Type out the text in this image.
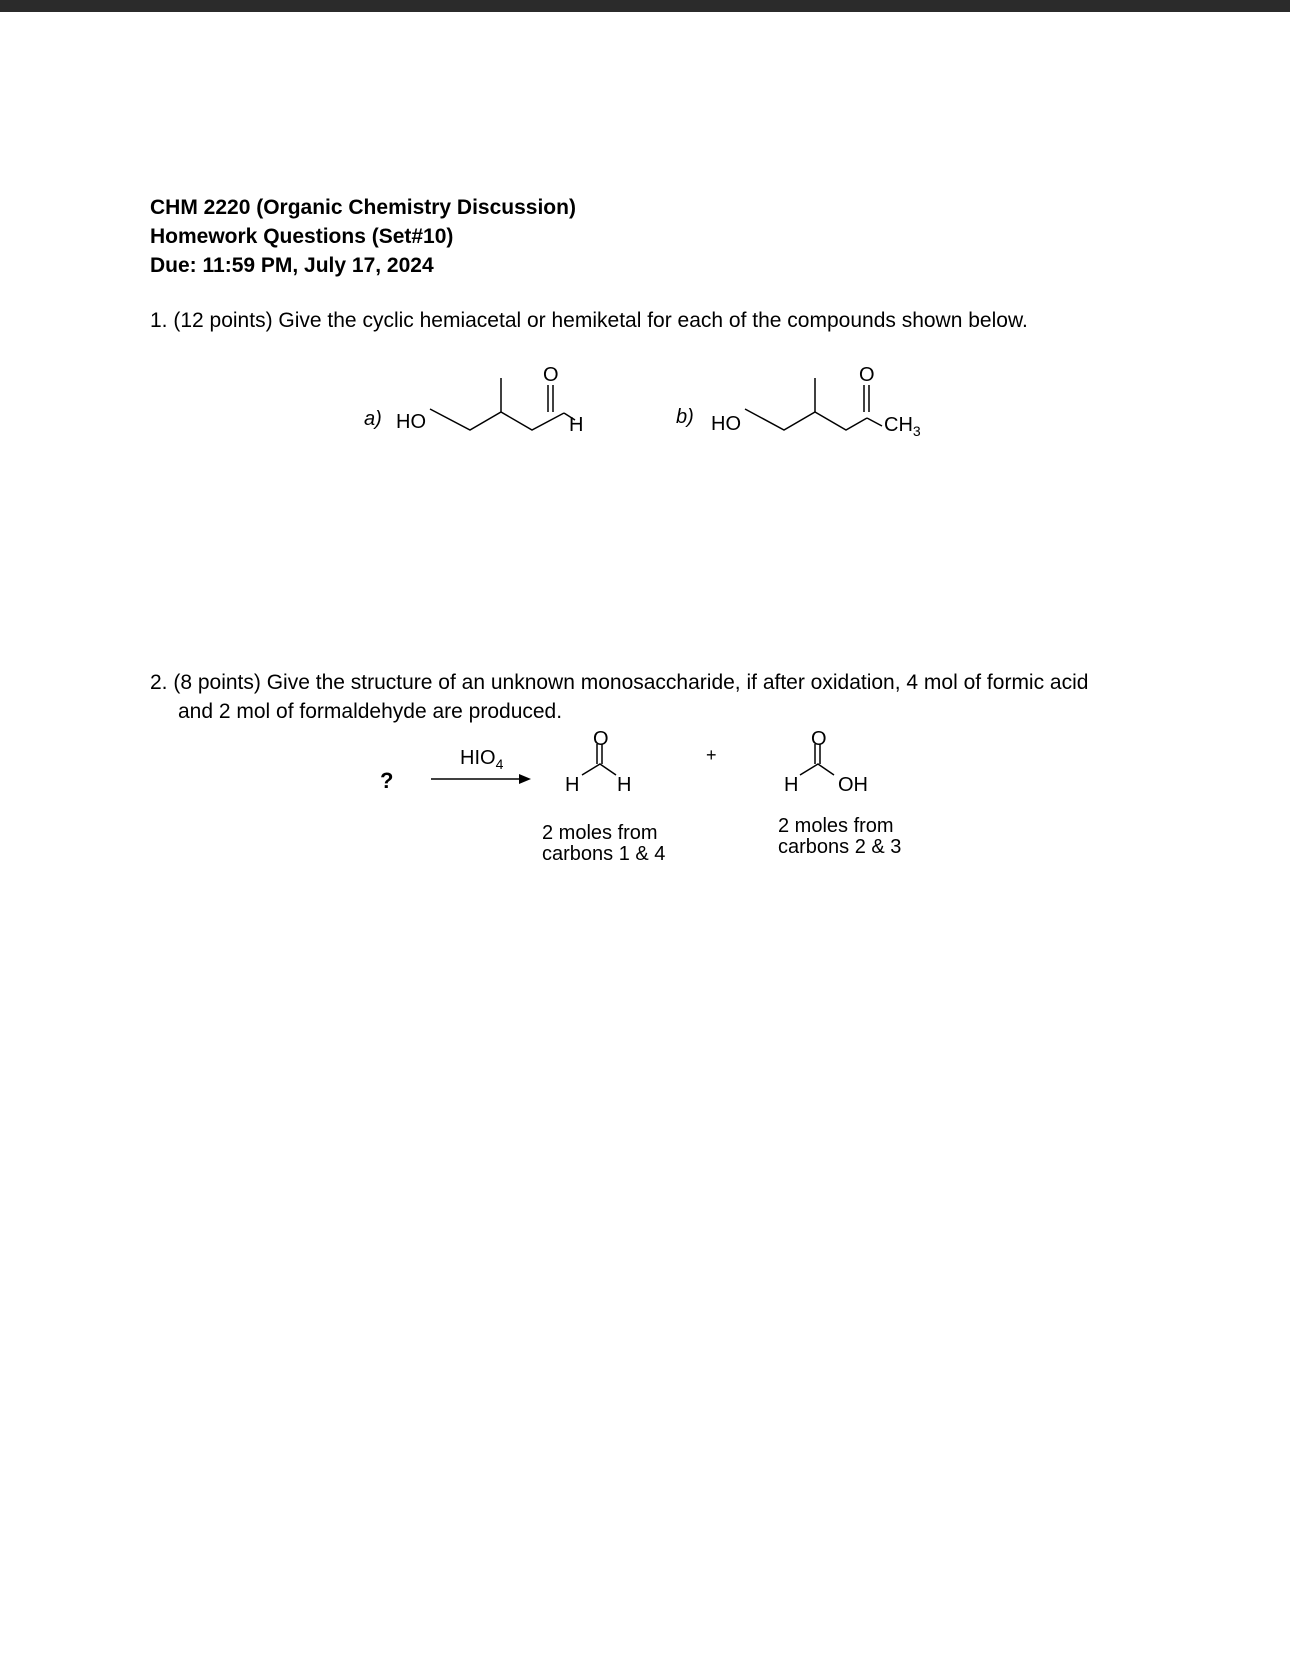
CHM 2220 (Organic Chemistry Discussion)
Homework Questions (Set#10)
Due: 11:59 PM, July 17, 2024
1. (12 points) Give the cyclic hemiacetal or hemiketal for each of the compounds shown below.
a) HO
O
H	b) HO
O
$CH_3$
2. (8 points) Give the structure of an unknown monosaccharide, if after oxidation, 4 mol of formic acid
and 2 mol of formaldehyde are produced.
?
$HIO_4$
O
H H
2 moles from
carbons 1 & 4
+
O
H OH
2 moles from
carbons 2 & 3
